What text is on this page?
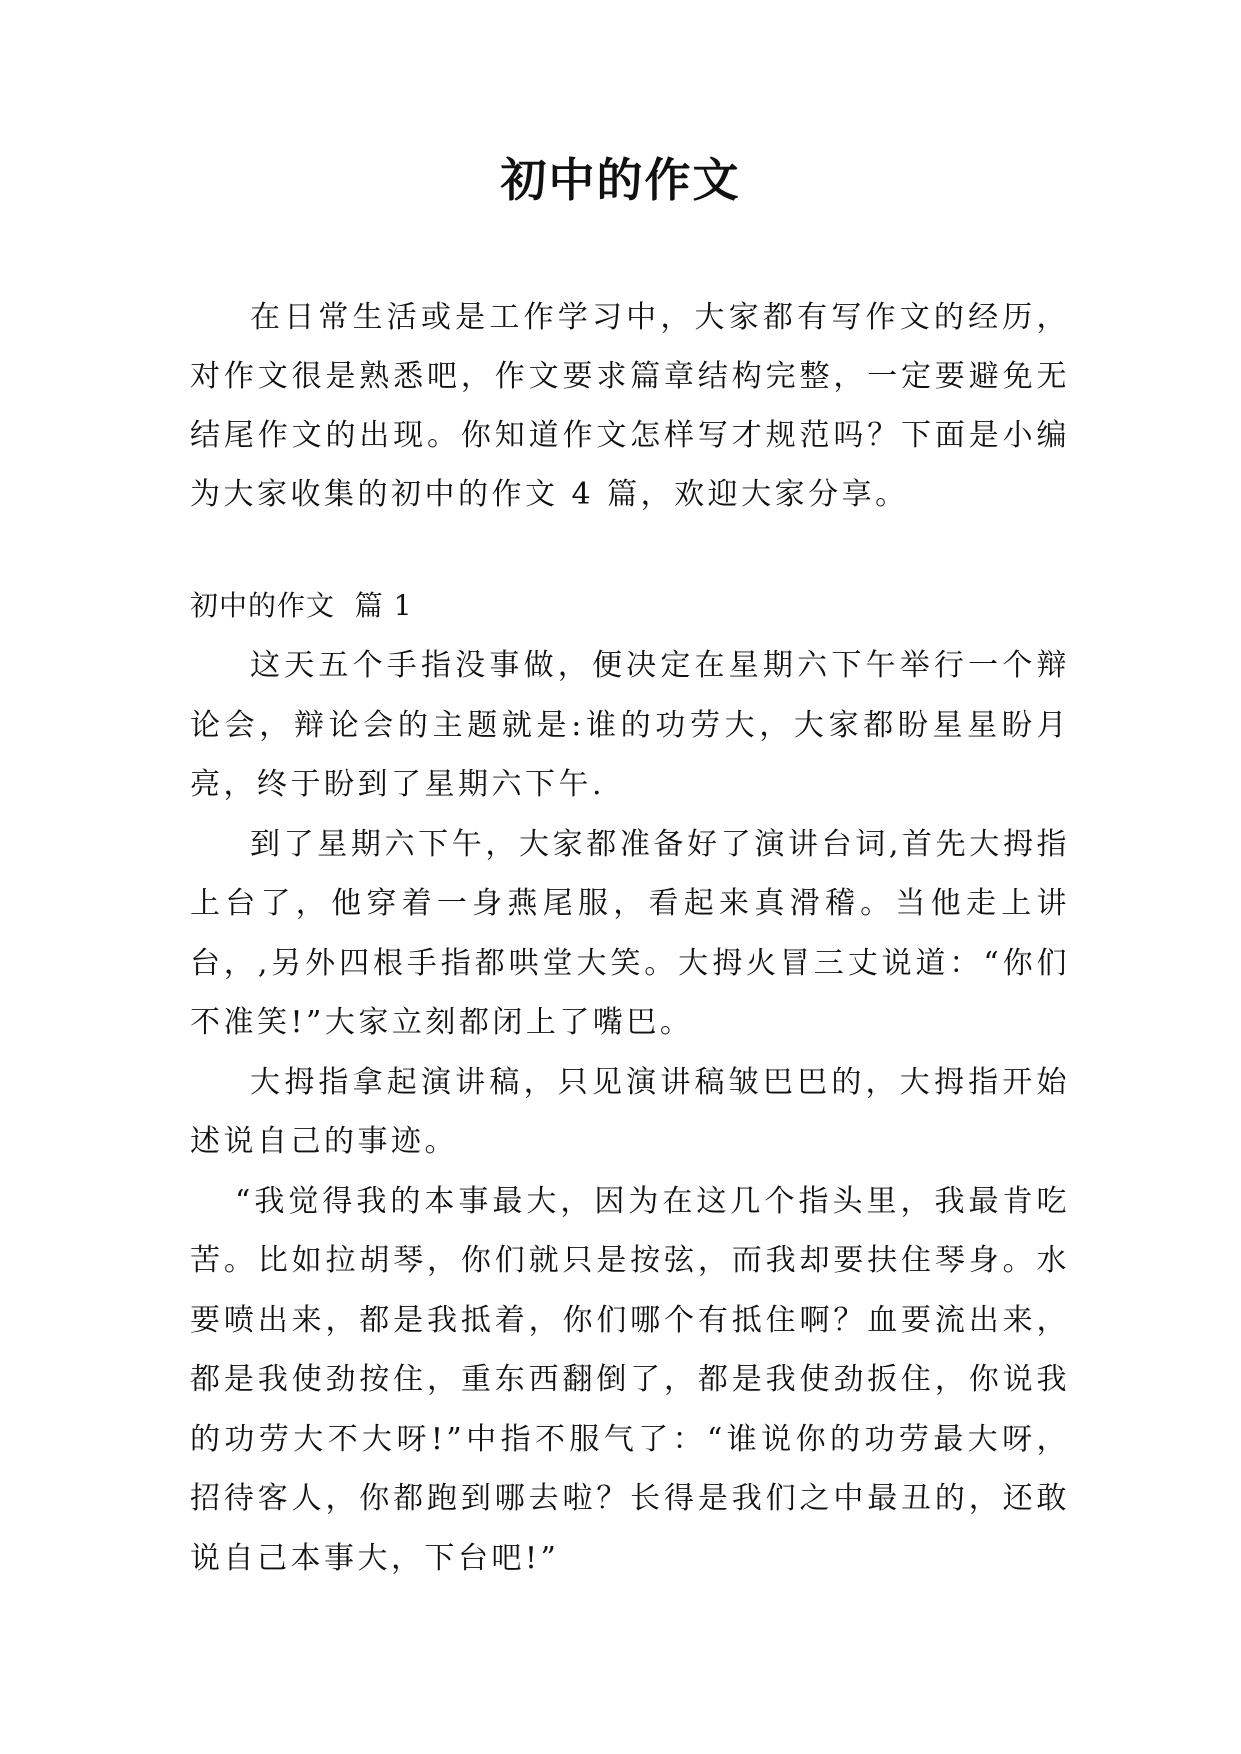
初中的作文

在日常生活或是工作学习中，大家都有写作文的经历，对作文很是熟悉吧，作文要求篇章结构完整，一定要避免无结尾作文的出现。你知道作文怎样写才规范吗？下面是小编为大家收集的初中的作文 4 篇，欢迎大家分享。

初中的作文  篇 1

这天五个手指没事做，便决定在星期六下午举行一个辩论会，辩论会的主题就是:谁的功劳大，大家都盼星星盼月亮，终于盼到了星期六下午.

到了星期六下午，大家都准备好了演讲台词,首先大拇指上台了，他穿着一身燕尾服，看起来真滑稽。当他走上讲台，,另外四根手指都哄堂大笑。大拇火冒三丈说道：“你们不准笑!”大家立刻都闭上了嘴巴。

大拇指拿起演讲稿，只见演讲稿皱巴巴的，大拇指开始述说自己的事迹。

“我觉得我的本事最大，因为在这几个指头里，我最肯吃苦。比如拉胡琴，你们就只是按弦，而我却要扶住琴身。水要喷出来，都是我抵着，你们哪个有抵住啊？血要流出来，都是我使劲按住，重东西翻倒了，都是我使劲扳住，你说我的功劳大不大呀!”中指不服气了：“谁说你的功劳最大呀，招待客人，你都跑到哪去啦？长得是我们之中最丑的，还敢说自己本事大，下台吧!”
